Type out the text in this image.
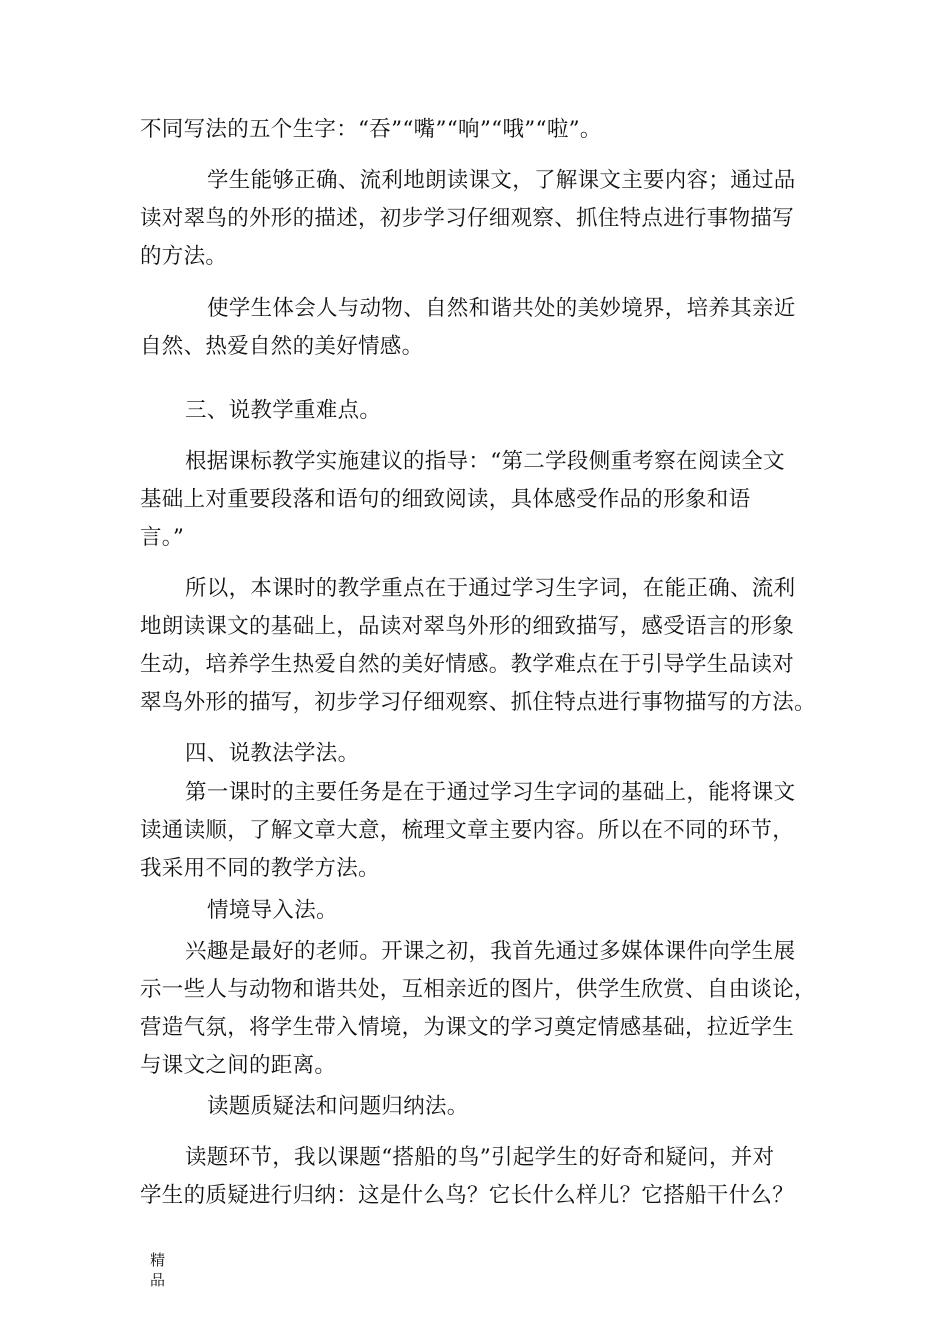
不同写法的五个生字：“吞”“嘴”“响”“哦”“啦”。

学生能够正确、流利地朗读课文，了解课文主要内容；通过品

读对翠鸟的外形的描述，初步学习仔细观察、抓住特点进行事物描写

的方法。

使学生体会人与动物、自然和谐共处的美妙境界，培养其亲近

自然、热爱自然的美好情感。

三、说教学重难点。

根据课标教学实施建议的指导：“第二学段侧重考察在阅读全文

基础上对重要段落和语句的细致阅读，具体感受作品的形象和语

言。”

所以，本课时的教学重点在于通过学习生字词，在能正确、流利

地朗读课文的基础上，品读对翠鸟外形的细致描写，感受语言的形象

生动，培养学生热爱自然的美好情感。教学难点在于引导学生品读对

翠鸟外形的描写，初步学习仔细观察、抓住特点进行事物描写的方法。

四、说教法学法。

第一课时的主要任务是在于通过学习生字词的基础上，能将课文

读通读顺，了解文章大意，梳理文章主要内容。所以在不同的环节，

我采用不同的教学方法。

情境导入法。

兴趣是最好的老师。开课之初，我首先通过多媒体课件向学生展

示一些人与动物和谐共处，互相亲近的图片，供学生欣赏、自由谈论，

营造气氛，将学生带入情境，为课文的学习奠定情感基础，拉近学生

与课文之间的距离。

读题质疑法和问题归纳法。

读题环节，我以课题“搭船的鸟”引起学生的好奇和疑问，并对

学生的质疑进行归纳：这是什么鸟？它长什么样儿？它搭船干什么？

精品
